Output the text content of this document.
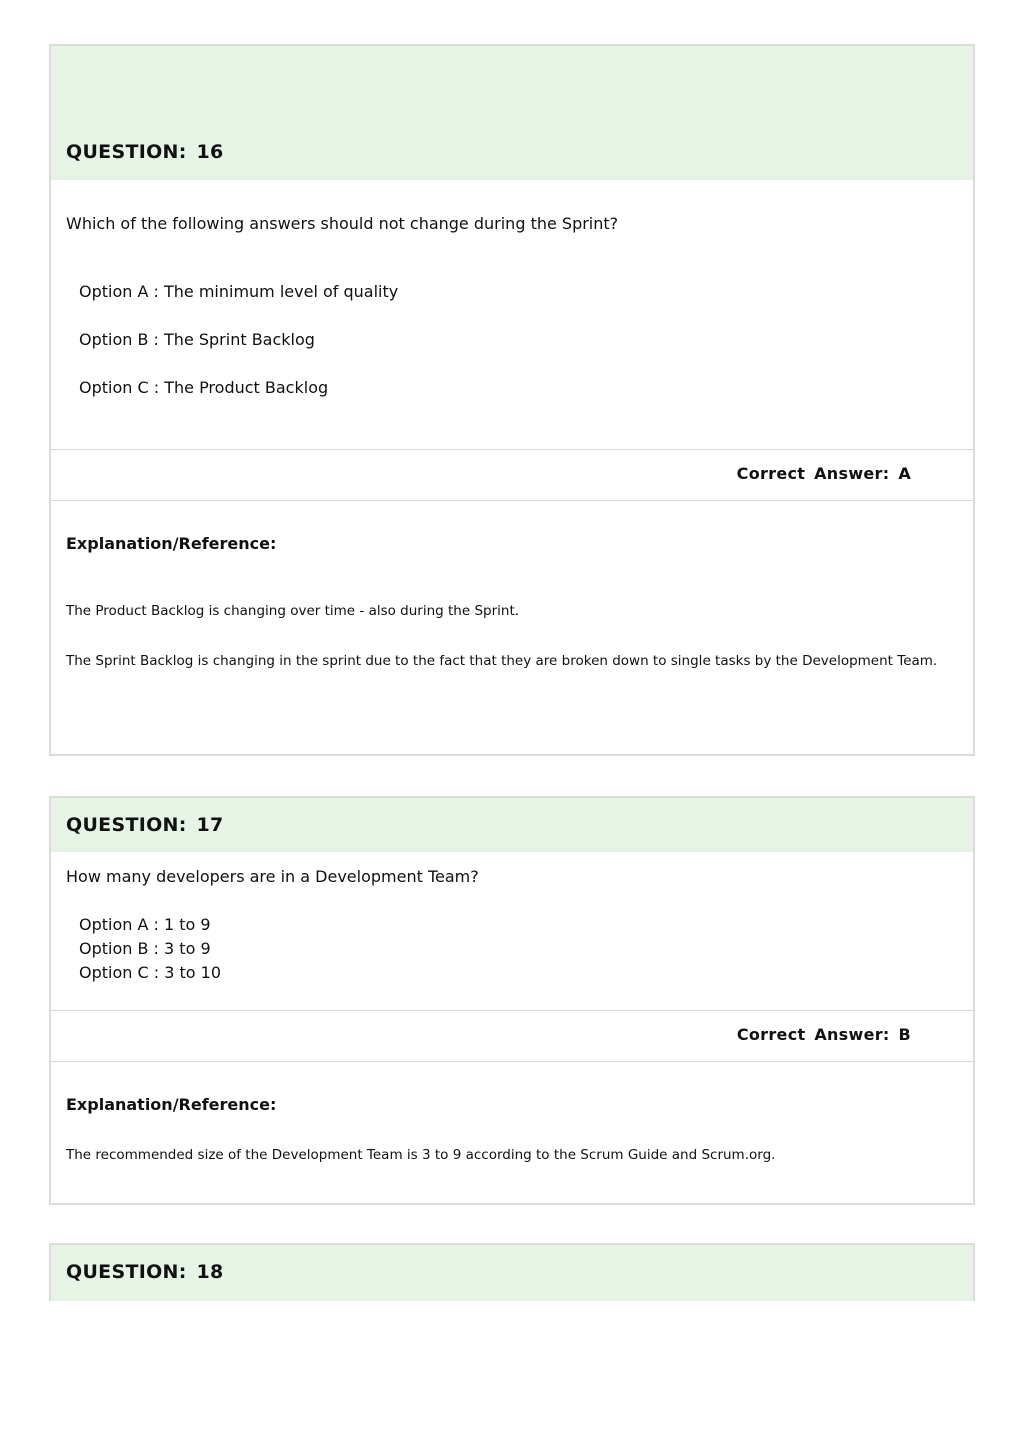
QUESTION: 16
Which of the following answers should not change during the Sprint?
Option A : The minimum level of quality
Option B : The Sprint Backlog
Option C : The Product Backlog
Correct Answer: A
Explanation/Reference:
The Product Backlog is changing over time - also during the Sprint.
The Sprint Backlog is changing in the sprint due to the fact that they are broken down to single tasks by the Development Team.
QUESTION: 17
How many developers are in a Development Team?
Option A : 1 to 9
Option B : 3 to 9
Option C : 3 to 10
Correct Answer: B
Explanation/Reference:
The recommended size of the Development Team is 3 to 9 according to the Scrum Guide and Scrum.org.
QUESTION: 18
